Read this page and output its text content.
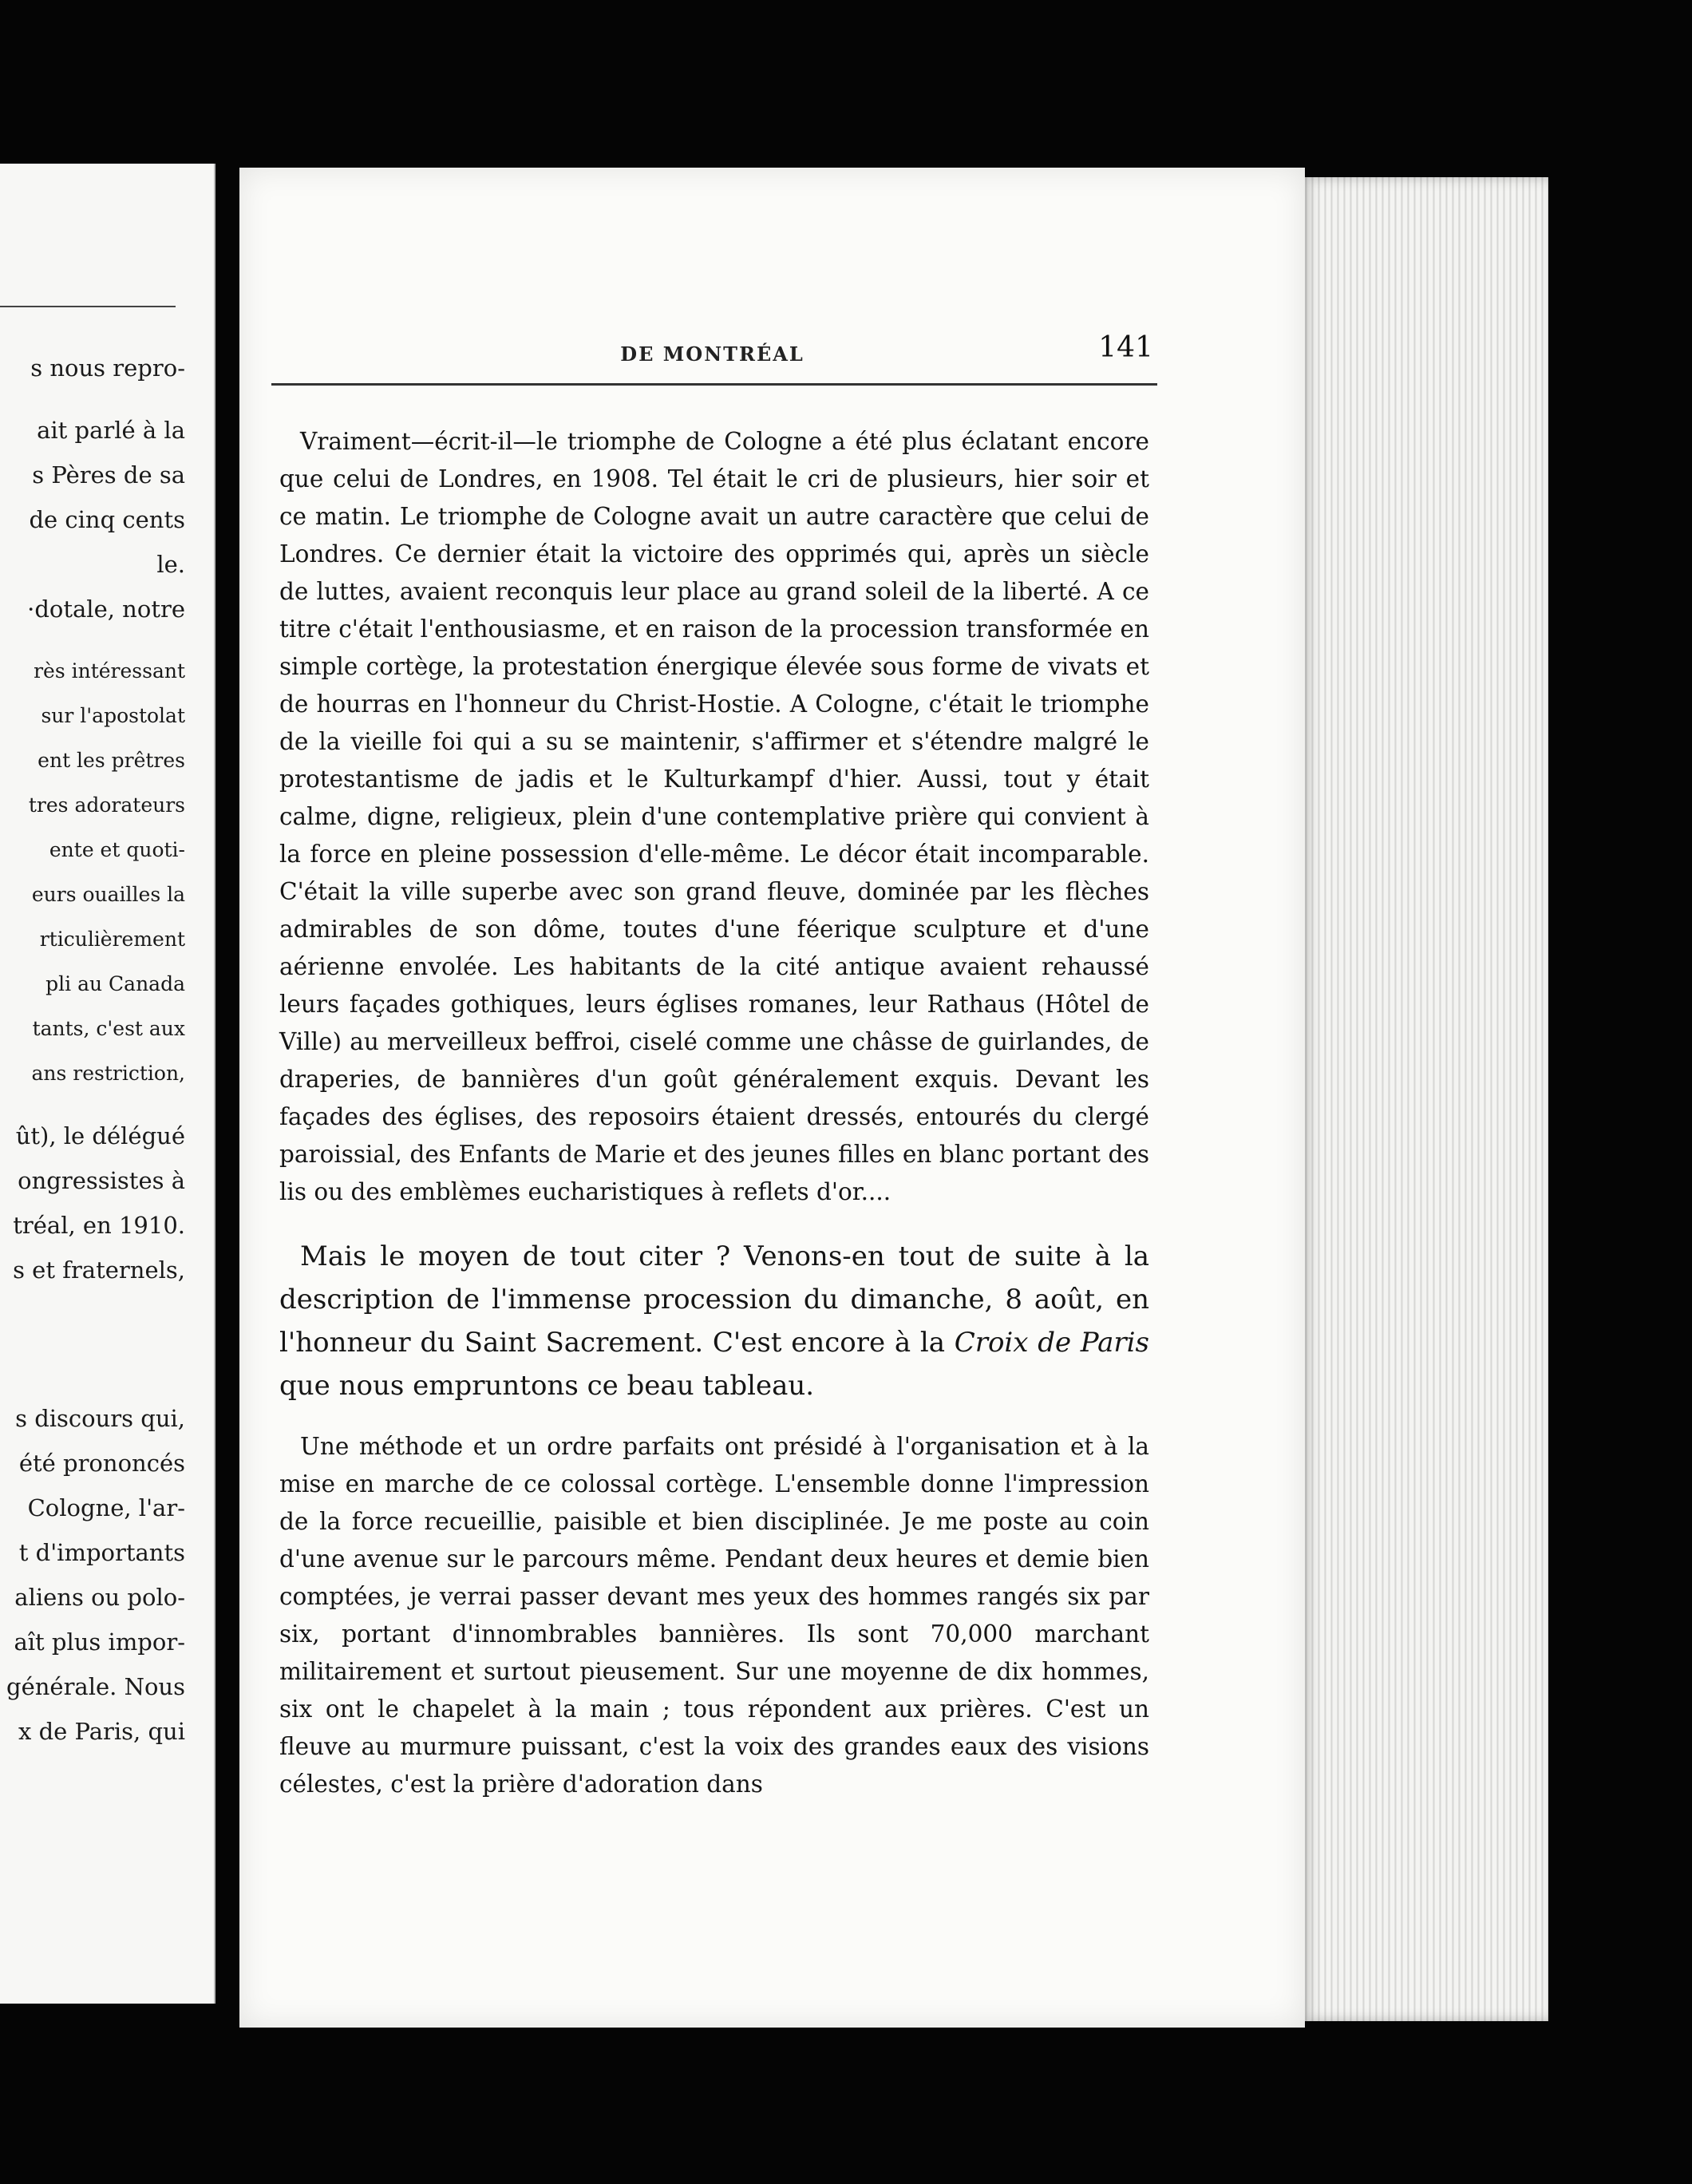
s nous repro-
ait parlé à la
s Pères de sa
de cinq cents
le.
·dotale, notre
rès intéressant
sur l'apostolat
ent les prêtres
tres adorateurs
ente et quoti-
eurs ouailles la
rticulièrement
pli au Canada
tants, c'est aux
ans restriction,
ût), le délégué
ongressistes à
tréal, en 1910.
s et fraternels,
s discours qui,
été prononcés
Cologne, l'ar-
t d'importants
aliens ou polo-
aît plus impor-
générale. Nous
x de Paris, qui
DE MONTRÉAL	141

Vraiment—écrit-il—le triomphe de Cologne a été plus éclatant encore que celui de Londres, en 1908. Tel était le cri de plusieurs, hier soir et ce matin. Le triomphe de Cologne avait un autre caractère que celui de Londres. Ce dernier était la victoire des opprimés qui, après un siècle de luttes, avaient reconquis leur place au grand soleil de la liberté. A ce titre c'était l'enthousiasme, et en raison de la procession transformée en simple cortège, la protestation énergique élevée sous forme de vivats et de hourras en l'honneur du Christ-Hostie. A Cologne, c'était le triomphe de la vieille foi qui a su se maintenir, s'affirmer et s'étendre malgré le protestantisme de jadis et le Kulturkampf d'hier. Aussi, tout y était calme, digne, religieux, plein d'une contemplative prière qui convient à la force en pleine possession d'elle-même. Le décor était incomparable. C'était la ville superbe avec son grand fleuve, dominée par les flèches admirables de son dôme, toutes d'une féerique sculpture et d'une aérienne envolée. Les habitants de la cité antique avaient rehaussé leurs façades gothiques, leurs églises romanes, leur Rathaus (Hôtel de Ville) au merveilleux beffroi, ciselé comme une châsse de guirlandes, de draperies, de bannières d'un goût généralement exquis. Devant les façades des églises, des reposoirs étaient dressés, entourés du clergé paroissial, des Enfants de Marie et des jeunes filles en blanc portant des lis ou des emblèmes eucharistiques à reflets d'or....

Mais le moyen de tout citer ? Venons-en tout de suite à la description de l'immense procession du dimanche, 8 août, en l'honneur du Saint Sacrement. C'est encore à la Croix de Paris que nous empruntons ce beau tableau.

Une méthode et un ordre parfaits ont présidé à l'organisation et à la mise en marche de ce colossal cortège. L'ensemble donne l'impression de la force recueillie, paisible et bien disciplinée. Je me poste au coin d'une avenue sur le parcours même. Pendant deux heures et demie bien comptées, je verrai passer devant mes yeux des hommes rangés six par six, portant d'innombrables bannières. Ils sont 70,000 marchant militairement et surtout pieusement. Sur une moyenne de dix hommes, six ont le chapelet à la main ; tous répondent aux prières. C'est un fleuve au murmure puissant, c'est la voix des grandes eaux des visions célestes, c'est la prière d'adoration dans
